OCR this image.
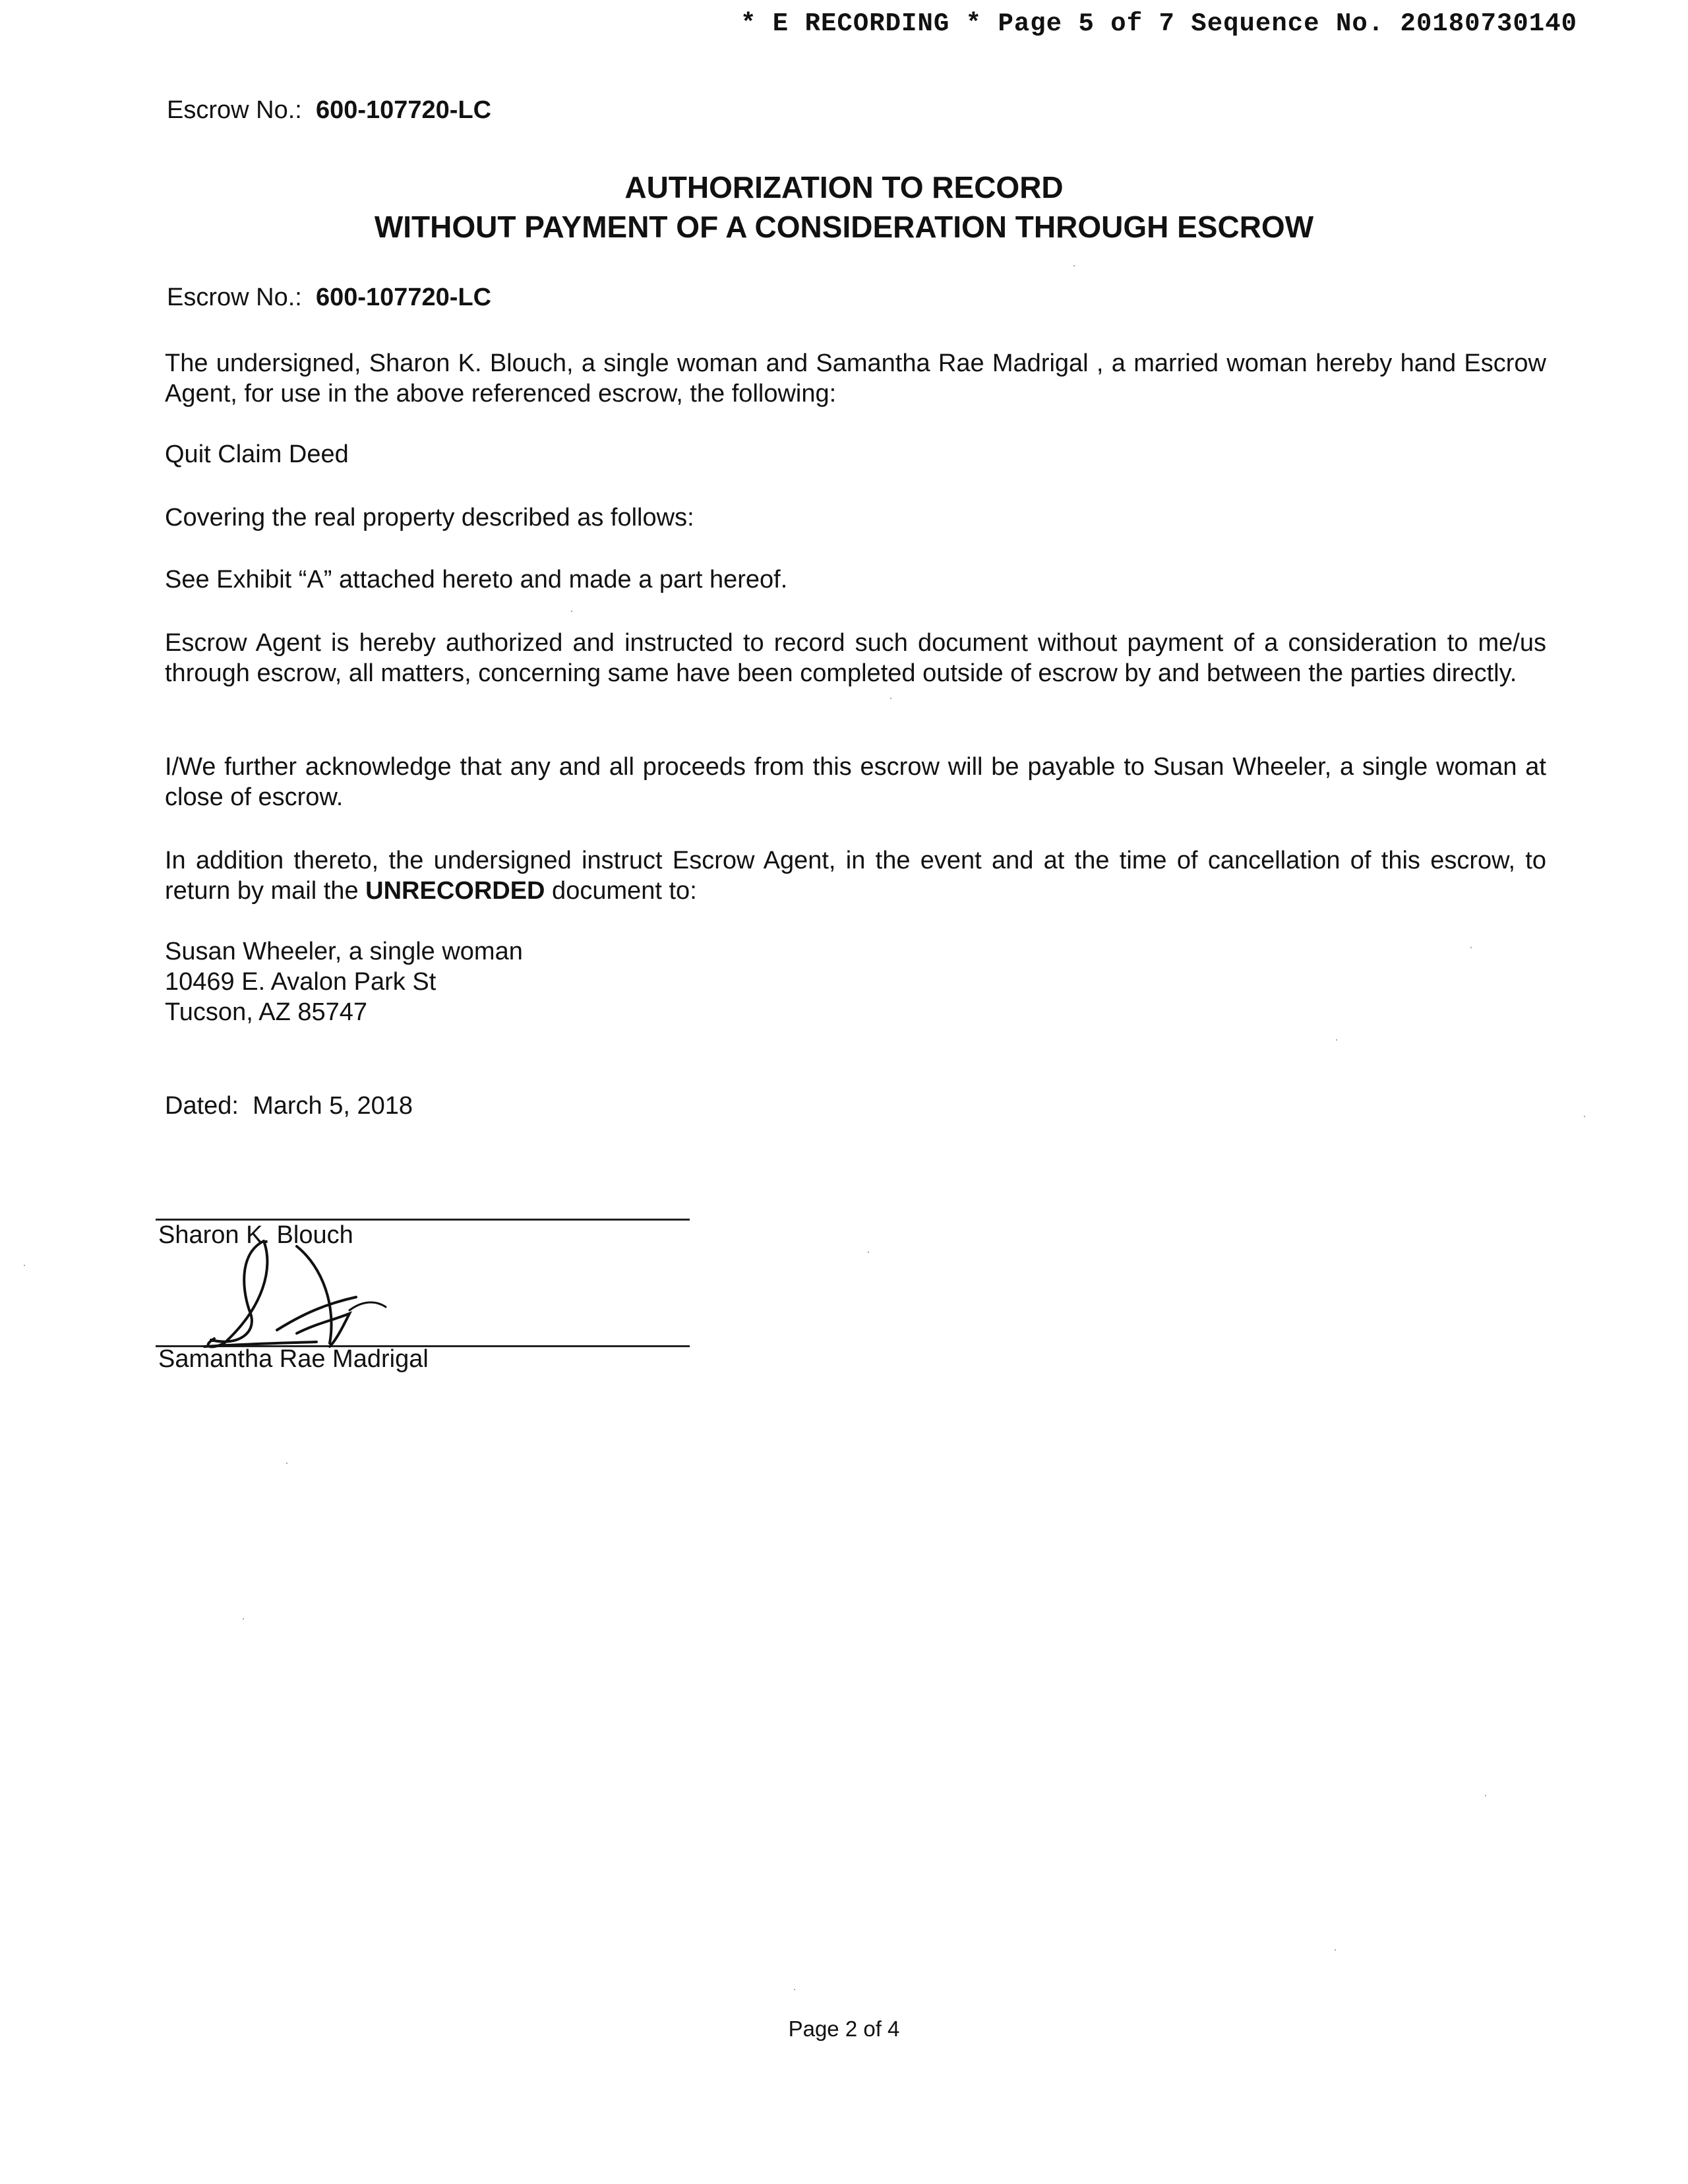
* E RECORDING * Page 5 of 7 Sequence No. 20180730140
Escrow No.: 600-107720-LC
AUTHORIZATION TO RECORD
WITHOUT PAYMENT OF A CONSIDERATION THROUGH ESCROW
Escrow No.: 600-107720-LC
The undersigned, Sharon K. Blouch, a single woman and Samantha Rae Madrigal , a married woman hereby hand Escrow Agent, for use in the above referenced escrow, the following:
Quit Claim Deed
Covering the real property described as follows:
See Exhibit “A” attached hereto and made a part hereof.
Escrow Agent is hereby authorized and instructed to record such document without payment of a consideration to me/us through escrow, all matters, concerning same have been completed outside of escrow by and between the parties directly.
I/We further acknowledge that any and all proceeds from this escrow will be payable to Susan Wheeler, a single woman at close of escrow.
In addition thereto, the undersigned instruct Escrow Agent, in the event and at the time of cancellation of this escrow, to return by mail the UNRECORDED document to:
Susan Wheeler, a single woman
10469 E. Avalon Park St
Tucson, AZ 85747
Dated: March 5, 2018
Sharon K. Blouch
Samantha Rae Madrigal
Page 2 of 4
